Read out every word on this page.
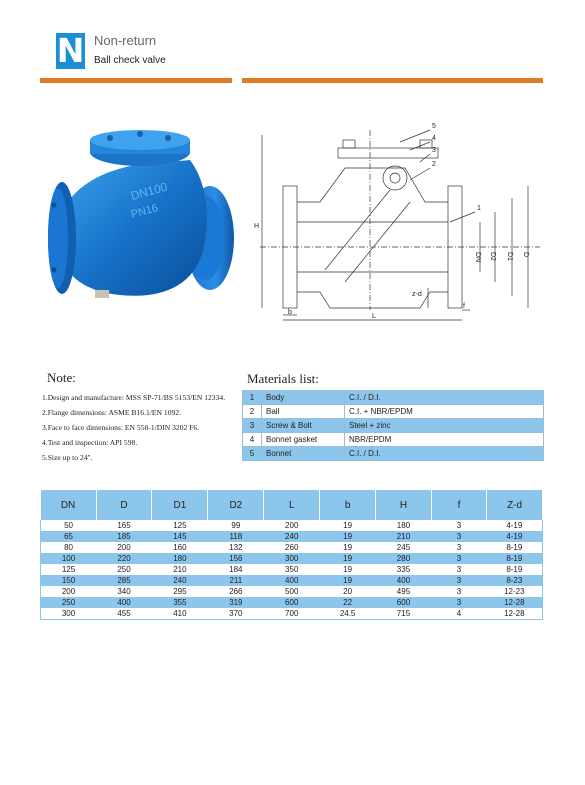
N Non-return
Ball check valve
DN100
PN16
5
4
3
2
1
H
DN D2 D1 D
z-d
b
L
f
Note:
1.Design and manufacture: MSS SP-71/BS 5153/EN 12334.
2.Flange dimensions: ASME B16.1/EN 1092.
3.Face to face dimensions: EN 558-1/DIN 3202 F6.
4.Test and inspection: API 598.
5.Size up to 24".
Materials list:
1	Body	C.I. / D.I.
2	Ball	C.I. + NBR/EPDM
3	Screw & Bolt	Steel + zinc
4	Bonnet gasket	NBR/EPDM
5	Bonnet	C.I. / D.I.
DN	D	D1	D2	L	b	H	f	Z-d
50	165	125	99	200	19	180	3	4-19
65	185	145	118	240	19	210	3	4-19
80	200	160	132	260	19	245	3	8-19
100	220	180	156	300	19	280	3	8-19
125	250	210	184	350	19	335	3	8-19
150	285	240	211	400	19	400	3	8-23
200	340	295	266	500	20	495	3	12-23
250	400	355	319	600	22	600	3	12-28
300	455	410	370	700	24.5	715	4	12-28
